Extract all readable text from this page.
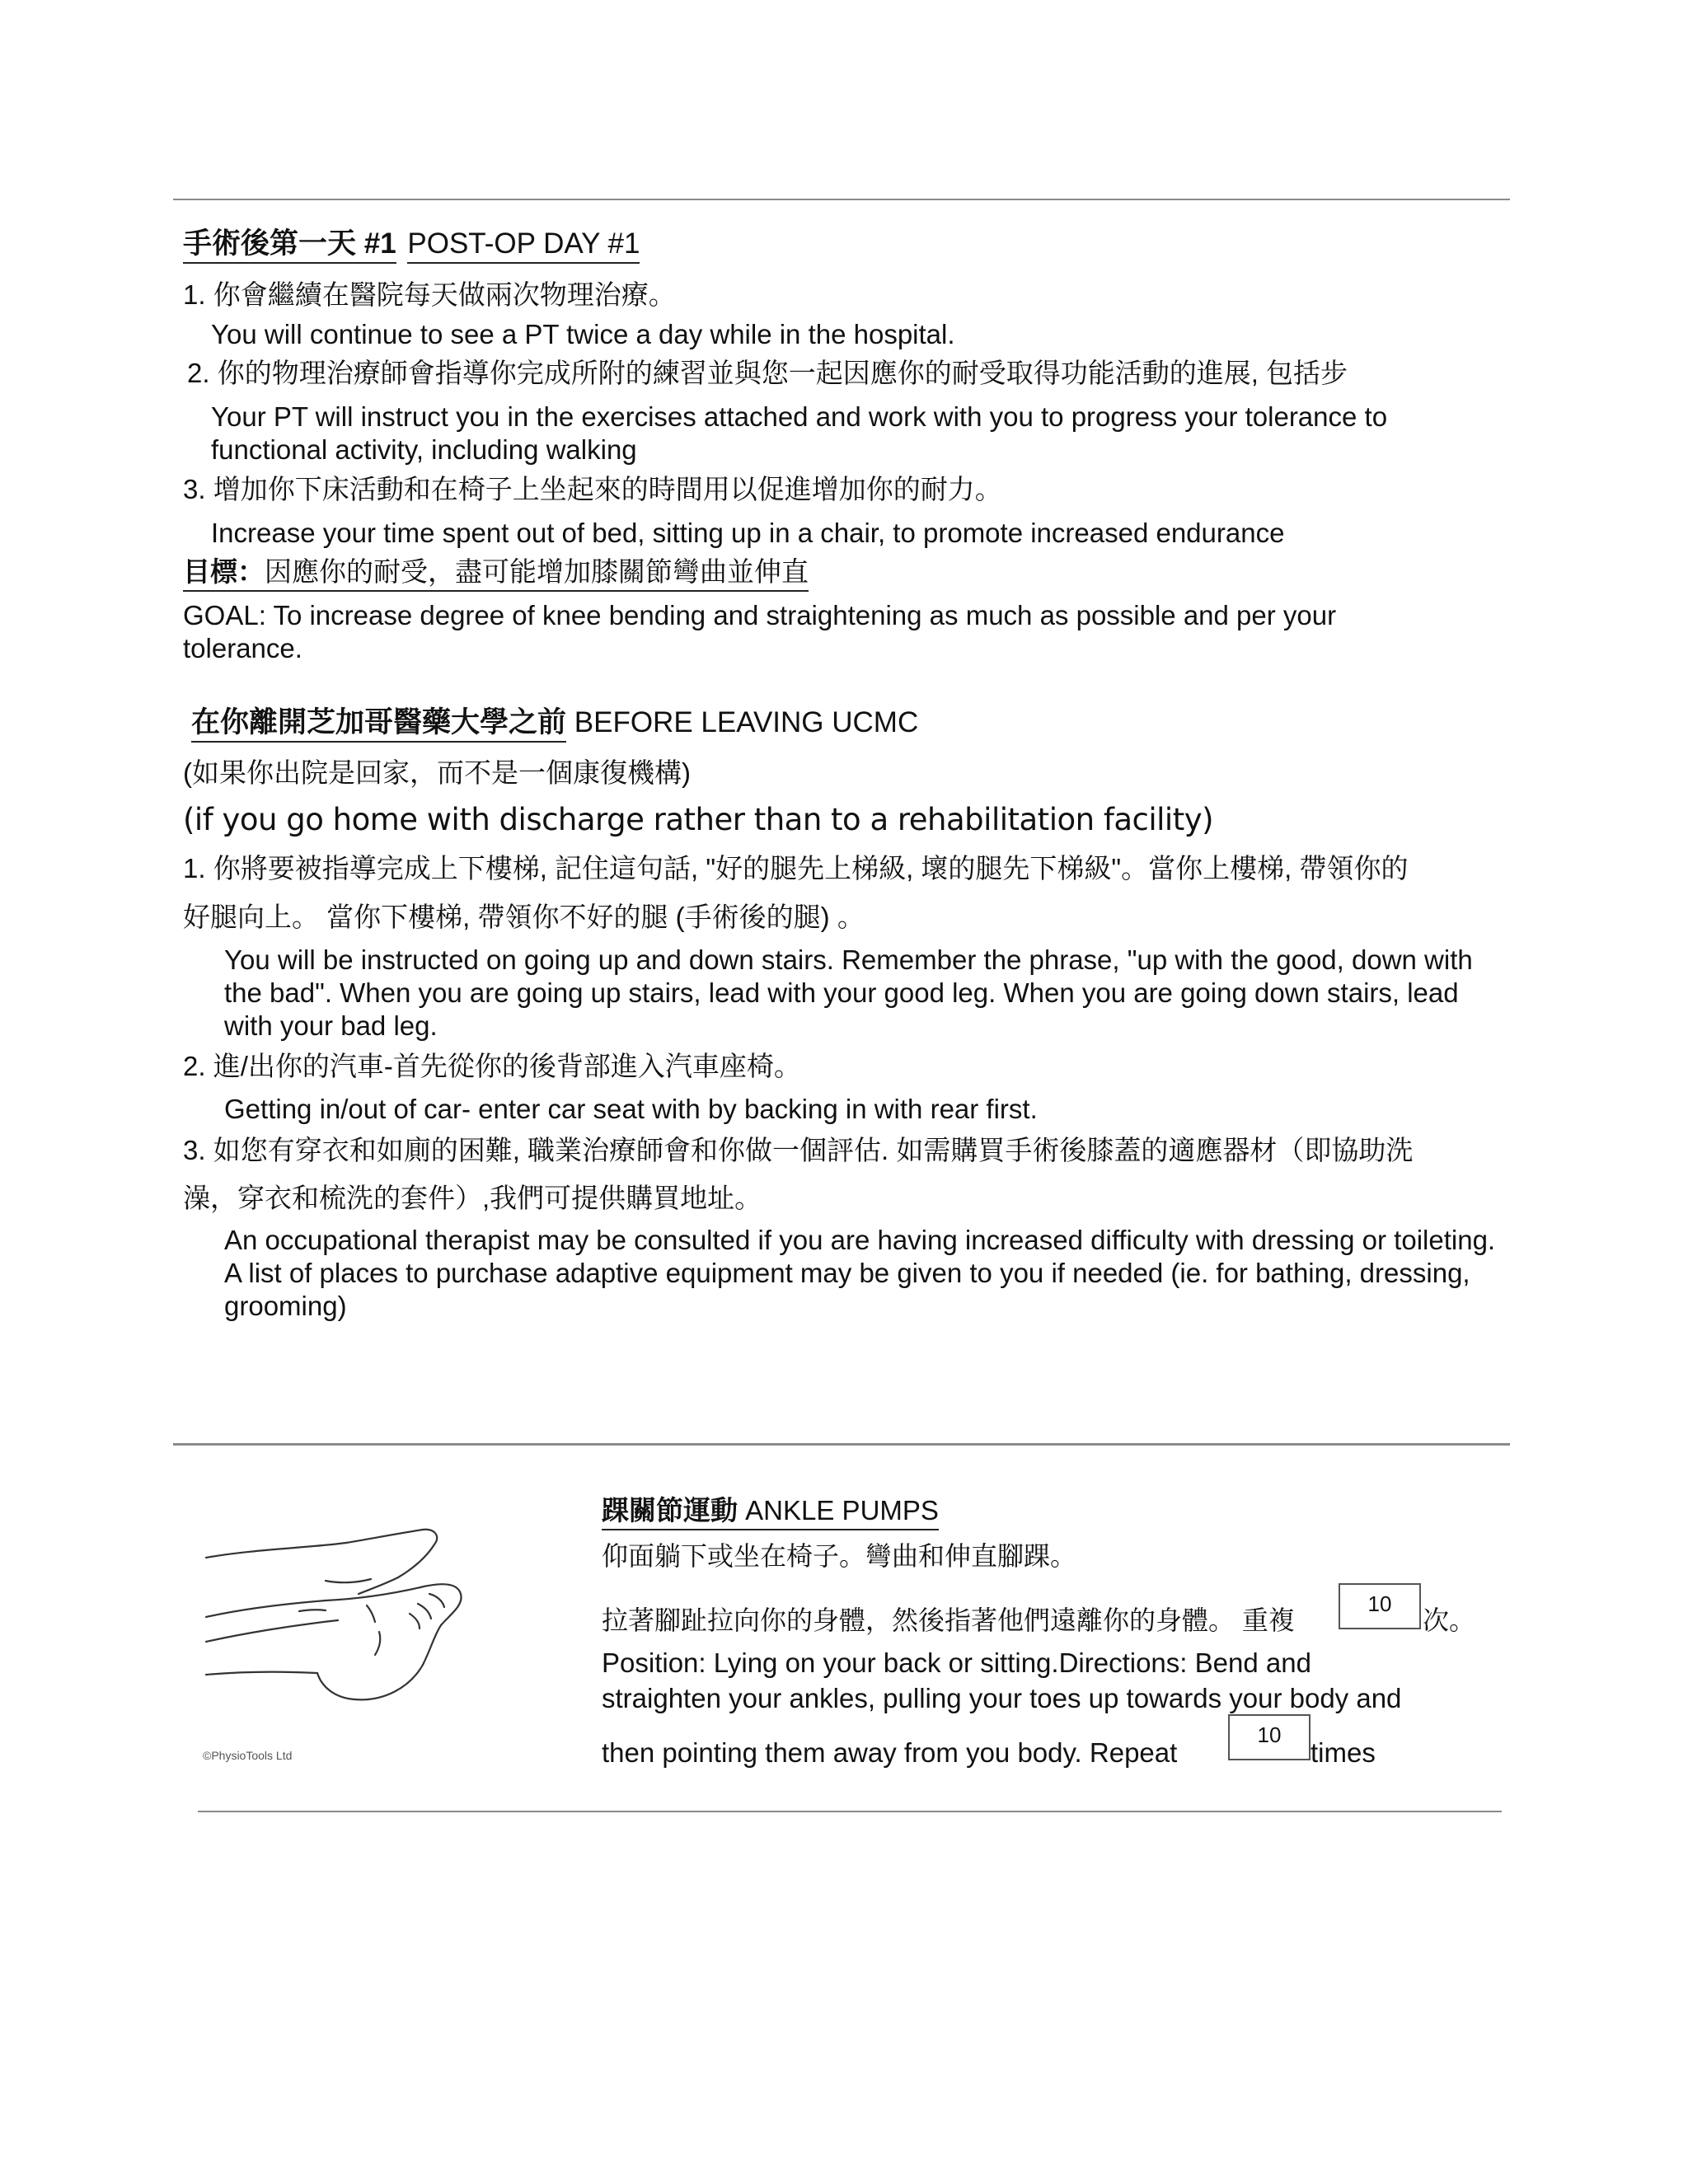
手術後第一天 #1 POST-OP DAY #1
1. 你會繼續在醫院每天做兩次物理治療。
You will continue to see a PT twice a day while in the hospital.
2. 你的物理治療師會指導你完成所附的練習並與您一起因應你的耐受取得功能活動的進展, 包括步
Your PT will instruct you in the exercises attached and work with you to progress your tolerance to functional activity, including walking
3. 增加你下床活動和在椅子上坐起來的時間用以促進增加你的耐力。
Increase your time spent out of bed, sitting up in a chair, to promote increased endurance
目標：因應你的耐受，盡可能增加膝關節彎曲並伸直
GOAL: To increase degree of knee bending and straightening as much as possible and per your tolerance.
在你離開芝加哥醫藥大學之前 BEFORE LEAVING UCMC
(如果你出院是回家，而不是一個康復機構)
(if you go home with discharge rather than to a rehabilitation facility)
1. 你將要被指導完成上下樓梯, 記住這句話, "好的腿先上梯級, 壞的腿先下梯級"。當你上樓梯, 帶領你的
好腿向上。 當你下樓梯, 帶領你不好的腿 (手術後的腿) 。
You will be instructed on going up and down stairs. Remember the phrase, "up with the good, down with the bad". When you are going up stairs, lead with your good leg. When you are going down stairs, lead with your bad leg.
2. 進/出你的汽車-首先從你的後背部進入汽車座椅。
Getting in/out of car- enter car seat with by backing in with rear first.
3. 如您有穿衣和如廁的困難, 職業治療師會和你做一個評估. 如需購買手術後膝蓋的適應器材（即協助洗
澡，穿衣和梳洗的套件）,我們可提供購買地址。
An occupational therapist may be consulted if you are having increased difficulty with dressing or toileting. A list of places to purchase adaptive equipment may be given to you if needed (ie. for bathing, dressing, grooming)
©PhysioTools Ltd
踝關節運動 ANKLE PUMPS
仰面躺下或坐在椅子。彎曲和伸直腳踝。
拉著腳趾拉向你的身體，然後指著他們遠離你的身體。 重複
10
次。
Position: Lying on your back or sitting.Directions: Bend and
straighten your ankles, pulling your toes up towards your body and
then pointing them away from you body. Repeat
10
times
